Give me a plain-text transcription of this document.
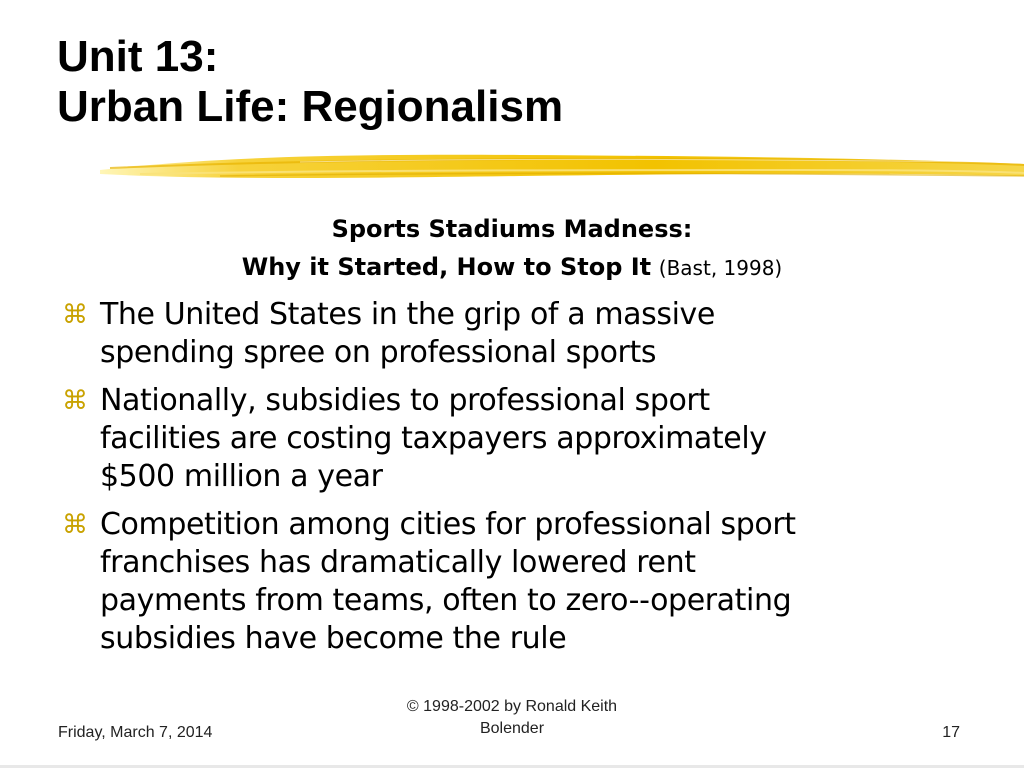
Unit 13:
Urban Life: Regionalism
Sports Stadiums Madness:
Why it Started, How to Stop It (Bast, 1998)
⌘ The United States in the grip of a massive
spending spree on professional sports
⌘ Nationally, subsidies to professional sport
facilities are costing taxpayers approximately
$500 million a year
⌘ Competition among cities for professional sport
franchises has dramatically lowered rent
payments from teams, often to zero--operating
subsidies have become the rule
Friday, March 7, 2014
© 1998-2002 by Ronald Keith
Bolender	17
